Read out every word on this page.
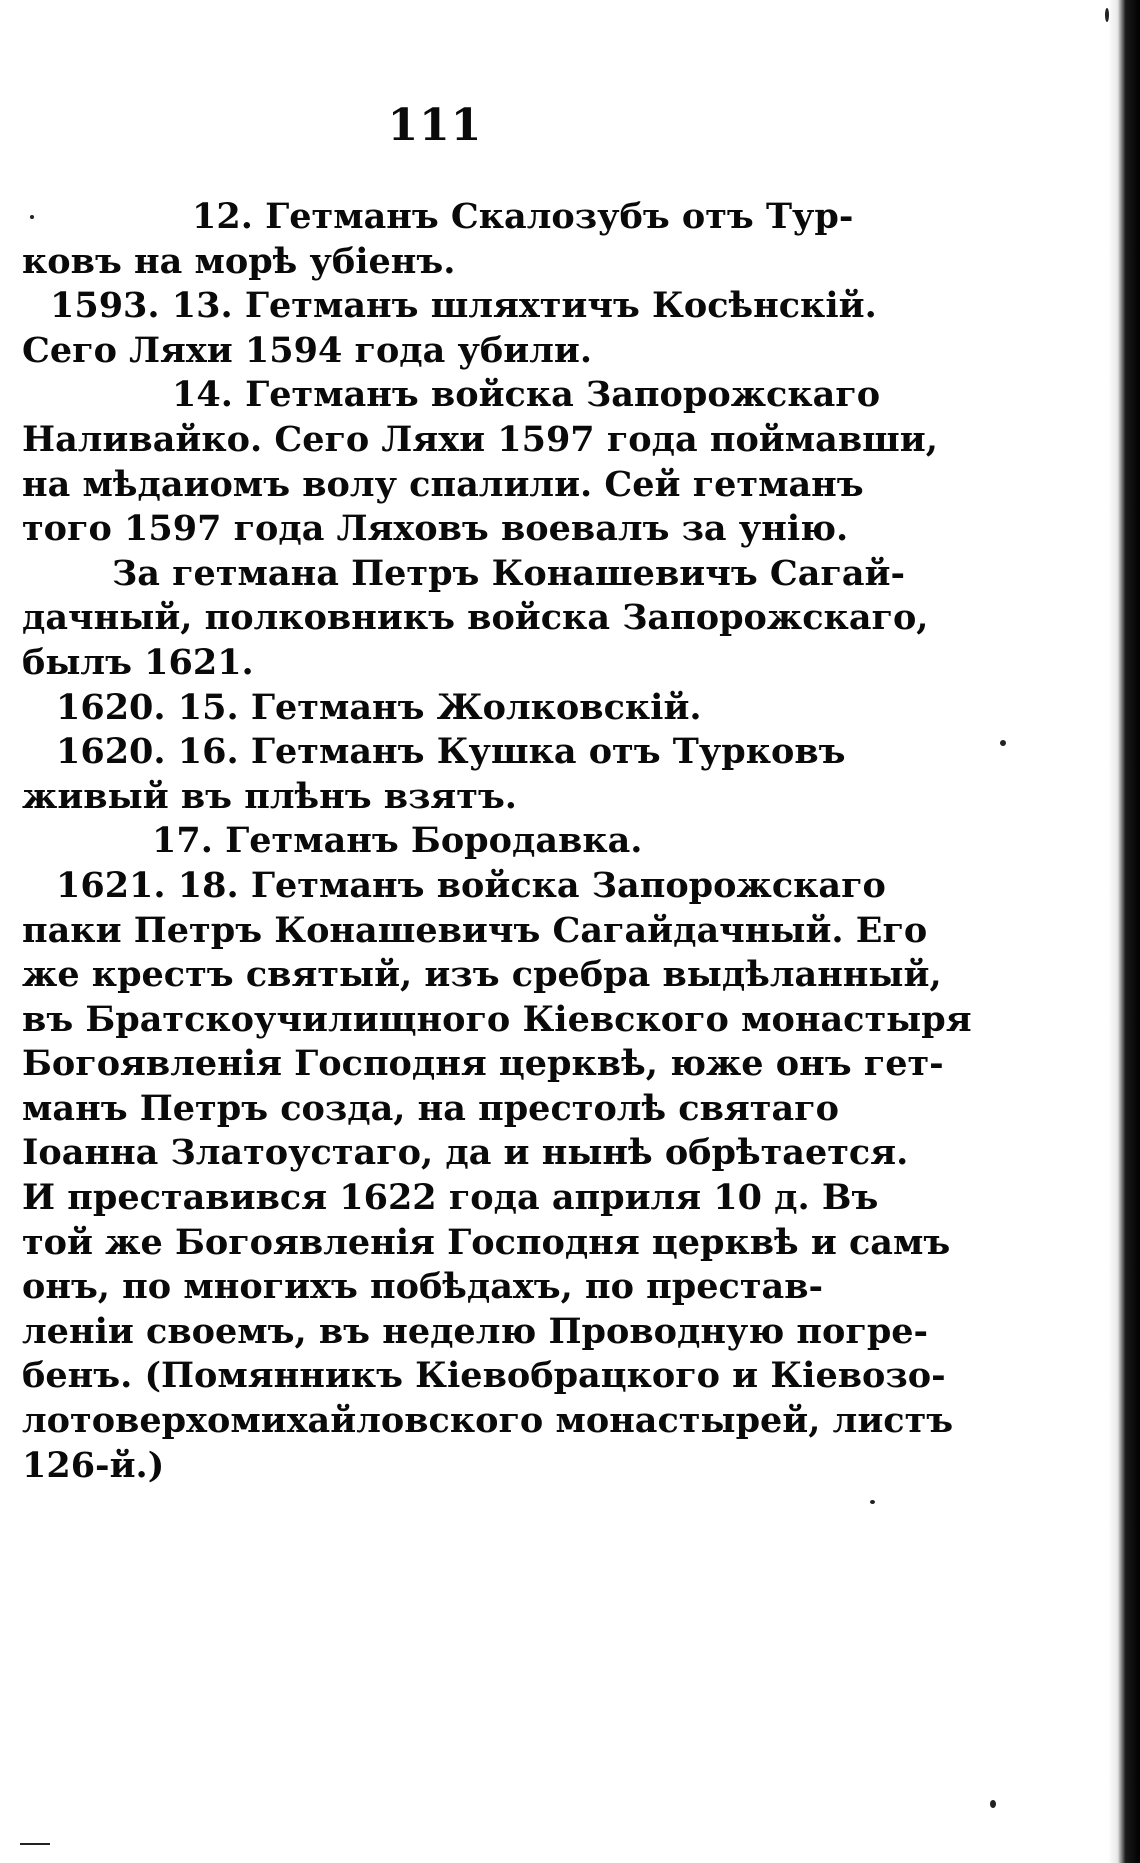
111
12. Гетманъ Скалозубъ отъ Тур-
ковъ на морѣ убіенъ.
1593. 13. Гетманъ шляхтичъ Косѣнскій.
Сего Ляхи 1594 года убили.
14. Гетманъ войска Запорожскаго
Наливайко. Сего Ляхи 1597 года поймавши,
на мѣдаиомъ волу спалили. Сей гетманъ
того 1597 года Ляховъ воевалъ за унію.
За гетмана Петръ Конашевичъ Сагай-
дачный, полковникъ войска Запорожскаго,
былъ 1621.
1620. 15. Гетманъ Жолковскій.
1620. 16. Гетманъ Кушка отъ Турковъ
живый въ плѣнъ взятъ.
17. Гетманъ Бородавка.
1621. 18. Гетманъ войска Запорожскаго
паки Петръ Конашевичъ Сагайдачный. Его
же крестъ святый, изъ сребра выдѣланный,
въ Братскоучилищного Кіевского монастыря
Богоявленія Господня церквѣ, юже онъ гет-
манъ Петръ созда, на престолѣ святаго
Іоанна Златоустаго, да и нынѣ обрѣтается.
И преставився 1622 года априля 10 д. Въ
той же Богоявленія Господня церквѣ и самъ
онъ, по многихъ побѣдахъ, по престав-
леніи своемъ, въ неделю Проводную погре-
бенъ. (Помянникъ Кіевобрацкого и Кіевозо-
лотоверхомихайловского монастырей, листъ
126-й.)
